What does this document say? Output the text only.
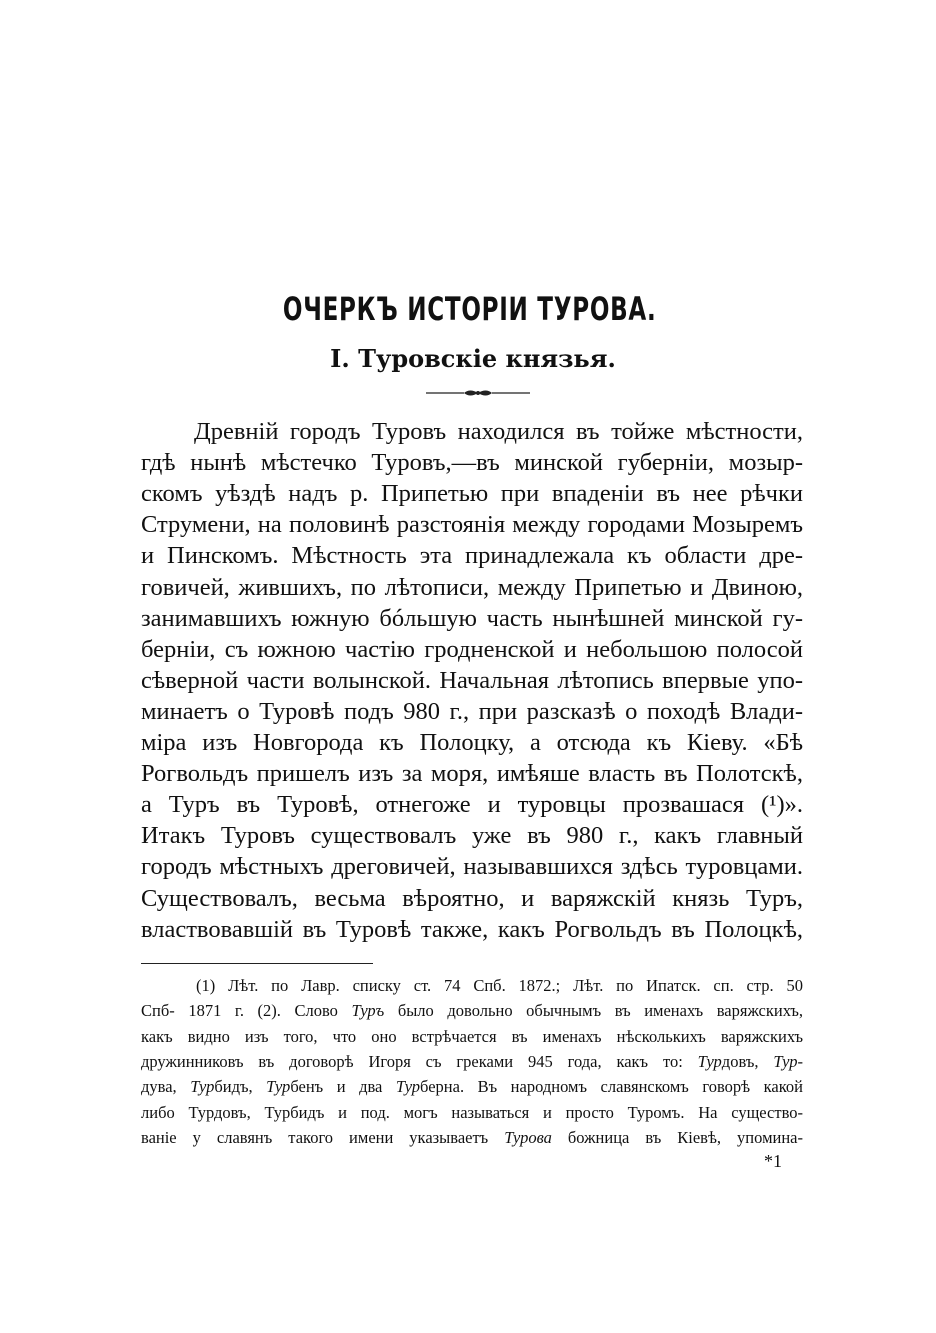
ОЧЕРКЪ ИСТОРІИ ТУРОВА.
I. Туровскіе князья.
Древній городъ Туровъ находился въ тойже мѣстности,
гдѣ нынѣ мѣстечко Туровъ,—въ минской губерніи, мозыр-
скомъ уѣздѣ надъ р. Припетью при впаденіи въ нее рѣчки
Струмени, на половинѣ разстоянія между городами Мозыремъ
и Пинскомъ. Мѣстность эта принадлежала къ области дре-
говичей, жившихъ, по лѣтописи, между Припетью и Двиною,
занимавшихъ южную бóльшую часть нынѣшней минской гу-
берніи, съ южною частію гродненской и небольшою полосой
сѣверной части волынской. Начальная лѣтопись впервые упо-
минаетъ о Туровѣ подъ 980 г., при разсказѣ о походѣ Влади-
міра изъ Новгорода къ Полоцку, а отсюда къ Кіеву. «Бѣ
Рогвольдъ пришелъ изъ за моря, имѣяше власть въ Полотскѣ,
а Туръ въ Туровѣ, отнегоже и туровцы прозвашася (¹)».
Итакъ Туровъ существовалъ уже въ 980 г., какъ главный
городъ мѣстныхъ дреговичей, называвшихся здѣсь туровцами.
Существовалъ, весьма вѣроятно, и варяжскій князь Туръ,
властвовавшій въ Туровѣ также, какъ Рогвольдъ въ Полоцкѣ,
(1) Лѣт. по Лавр. списку ст. 74 Спб. 1872.; Лѣт. по Ипатск. сп. стр. 50
Спб- 1871 г. (2). Слово Туръ было довольно обычнымъ въ именахъ варяжскихъ,
какъ видно изъ того, что оно встрѣчается въ именахъ нѣсколькихъ варяжскихъ
дружинниковъ въ договорѣ Игоря съ греками 945 года, какъ то: Турдовъ, Тур-
дува, Турбидъ, Турбенъ и два Турберна. Въ народномъ славянскомъ говорѣ какой
либо Турдовъ, Турбидъ и под. могъ называться и просто Туромъ. На существо-
ваніе у славянъ такого имени указываетъ Турова божница въ Кіевѣ, упомина-
*1
